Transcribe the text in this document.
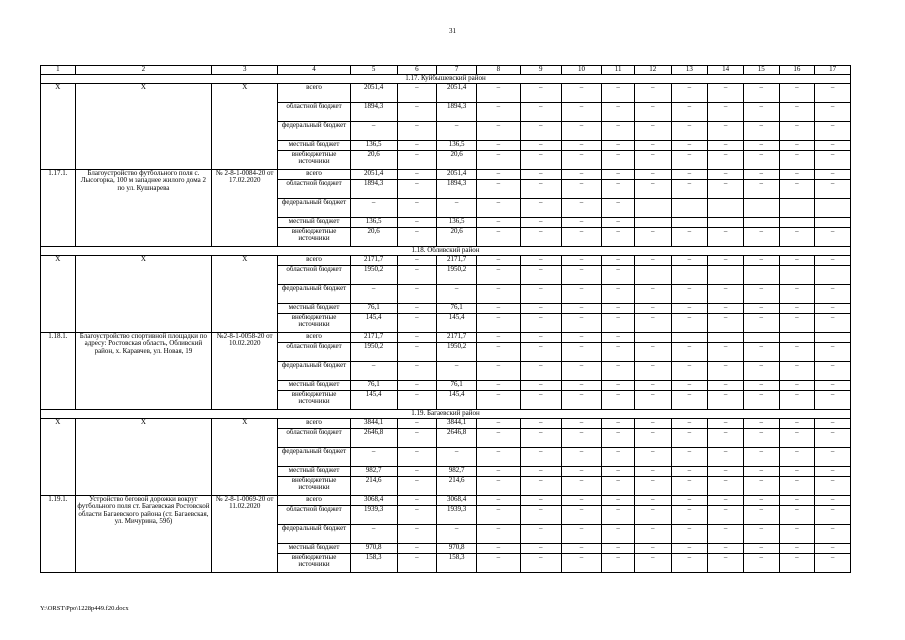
31
1	2	3	4	5	6	7	8	9	10	11	12	13	14	15	16	17
1.17. Куйбышевский район																
Х	Х	Х	всего	2051,4	–	2051,4	–	–	–	–	–	–	–	–	–	–
			областной бюджет	1894,3	–	1894,3	–	–	–	–	–	–	–	–	–	–
			федеральный бюджет	–	–	–	–	–	–	–	–	–	–	–	–	–
			местный бюджет	136,5	–	136,5	–	–	–	–	–	–	–	–	–	–
			внебюджетные источники	20,6	–	20,6	–	–	–	–	–	–	–	–	–	–
1.17.1.	Благоустройство футбольного поля с. Лысогорка, 100 м западнее жилого дома 2 по ул. Кушнарева	№ 2-8-1-0084-20 от 17.02.2020	всего	2051,4	–	2051,4	–	–	–	–	–	–	–	–	–	–
			областной бюджет	1894,3	–	1894,3	–	–	–	–	–	–	–	–	–	–
			федеральный бюджет	–	–	–	–	–	–	–						
			местный бюджет	136,5	–	136,5	–	–	–	–						
			внебюджетные источники	20,6	–	20,6	–	–	–	–	–	–	–	–	–	–
1.18. Обливский район																
Х	Х	Х	всего	2171,7	–	2171,7	–	–	–	–	–	–	–	–	–	–
			областной бюджет	1950,2	–	1950,2	–	–	–	–						
			федеральный бюджет	–	–	–	–	–	–	–	–	–	–	–	–	–
			местный бюджет	76,1	–	76,1	–	–	–	–	–	–	–	–	–	–
			внебюджетные источники	145,4	–	145,4	–	–	–	–	–	–	–	–	–	–
1.18.1.	Благоустройство спортивной площадки по адресу: Ростовская область, Обливский район, х. Каравчев, ул. Новая, 19	№2-8-1-0058-20 от 10.02.2020	всего	2171,7	–	2171,7	–	–	–	–						
			областной бюджет	1950,2	–	1950,2	–	–	–	–	–	–	–	–	–	–
			федеральный бюджет	–	–	–	–	–	–	–	–	–	–	–	–	–
			местный бюджет	76,1	–	76,1	–	–	–	–	–	–	–	–	–	–
			внебюджетные источники	145,4	–	145,4	–	–	–	–	–	–	–	–	–	–
1.19. Багаевский район																
Х	Х	Х	всего	3844,1	–	3844,1	–	–	–	–	–	–	–	–	–	–
			областной бюджет	2646,8	–	2646,8	–	–	–	–	–	–	–	–	–	–
			федеральный бюджет	–	–	–	–	–	–	–	–	–	–	–	–	–
			местный бюджет	982,7	–	982,7	–	–	–	–	–	–	–	–	–	–
			внебюджетные источники	214,6	–	214,6	–	–	–	–	–	–	–	–	–	–
1.19.1.	Устройство беговой дорожки вокруг футбольного поля ст. Багаевская Ростовской области Багаевского района (ст. Багаевская, ул. Мичурина, 59б)	№ 2-8-1-0069-20 от 11.02.2020	всего	3068,4	–	3068,4	–	–	–	–	–	–	–	–	–	–
			областной бюджет	1939,3	–	1939,3	–	–	–	–	–	–	–	–	–	–
			федеральный бюджет	–	–	–	–	–	–	–	–	–	–	–	–	–
			местный бюджет	970,8	–	970,8	–	–	–	–	–	–	–	–	–	–
			внебюджетные источники	158,3	–	158,3	–	–	–	–	–	–	–	–	–	–
Y:\ORST\Ppo\1228p449.f20.docx
